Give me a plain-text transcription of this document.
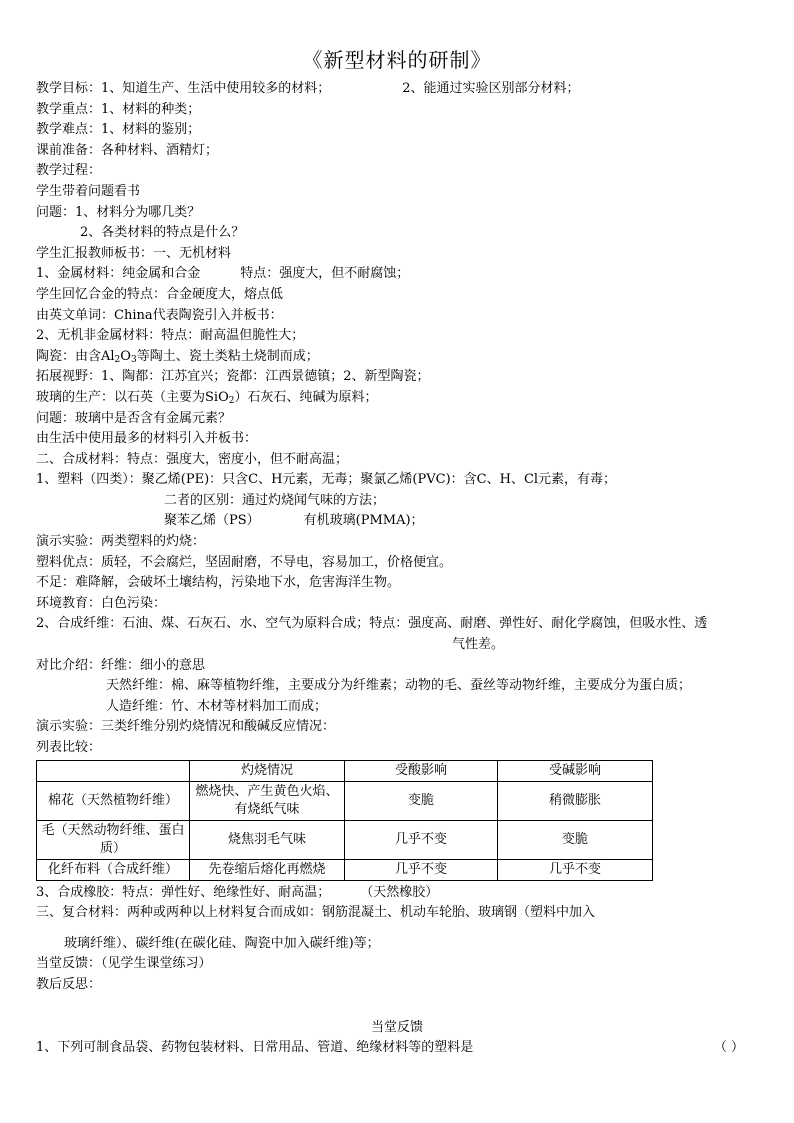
《新型材料的研制》
教学目标：1、知道生产、生活中使用较多的材料；	2、能通过实验区别部分材料；
教学重点：1、材料的种类；
教学难点：1、材料的鉴别；
课前准备：各种材料、酒精灯；
教学过程：
学生带着问题看书
问题：1、材料分为哪几类？
2、各类材料的特点是什么？
学生汇报教师板书：一、无机材料
1、金属材料：纯金属和合金	特点：强度大，但不耐腐蚀；
学生回忆合金的特点：合金硬度大，熔点低
由英文单词：China代表陶瓷引入并板书：
2、无机非金属材料：特点：耐高温但脆性大；
陶瓷：由含$Al_2O_3$等陶土、瓷土类粘土烧制而成；
拓展视野：1、陶都：江苏宜兴；瓷都：江西景德镇；2、新型陶瓷；
玻璃的生产：以石英（主要为SiO$_2$）石灰石、纯碱为原料；
问题：玻璃中是否含有金属元素？
由生活中使用最多的材料引入并板书：
二、合成材料：特点：强度大，密度小，但不耐高温；
1、塑料（四类）：聚乙烯(PE)：只含C、H元素，无毒；聚氯乙烯(PVC)：含C、H、Cl元素，有毒；
二者的区别：通过灼烧闻气味的方法；
聚苯乙烯（PS）	有机玻璃(PMMA)；
演示实验：两类塑料的灼烧：
塑料优点：质轻，不会腐烂，坚固耐磨，不导电，容易加工，价格便宜。
不足：难降解，会破坏土壤结构，污染地下水，危害海洋生物。
环境教育：白色污染：
2、合成纤维：石油、煤、石灰石、水、空气为原料合成；特点：强度高、耐磨、弹性好、耐化学腐蚀，但吸水性、透
气性差。
对比介绍：纤维：细小的意思
天然纤维：棉、麻等植物纤维，主要成分为纤维素；动物的毛、蚕丝等动物纤维，主要成分为蛋白质；
人造纤维：竹、木材等材料加工而成；
演示实验：三类纤维分别灼烧情况和酸碱反应情况：
列表比较：
	灼烧情况	受酸影响	受碱影响
棉花（天然植物纤维）	燃烧快、产生黄色火焰、有烧纸气味	变脆	稍微膨胀
毛（天然动物纤维、蛋白质）	烧焦羽毛气味	几乎不变	变脆
化纤布料（合成纤维）	先卷缩后熔化再燃烧	几乎不变	几乎不变
3、合成橡胶：特点：弹性好、绝缘性好、耐高温； （天然橡胶）
三、复合材料：两种或两种以上材料复合而成如：钢筋混凝土、机动车轮胎、玻璃钢（塑料中加入
玻璃纤维）、碳纤维(在碳化硅、陶瓷中加入碳纤维)等；
当堂反馈：（见学生课堂练习）
教后反思：
当堂反馈
1、下列可制食品袋、药物包装材料、日常用品、管道、绝缘材料等的塑料是	（ ）
